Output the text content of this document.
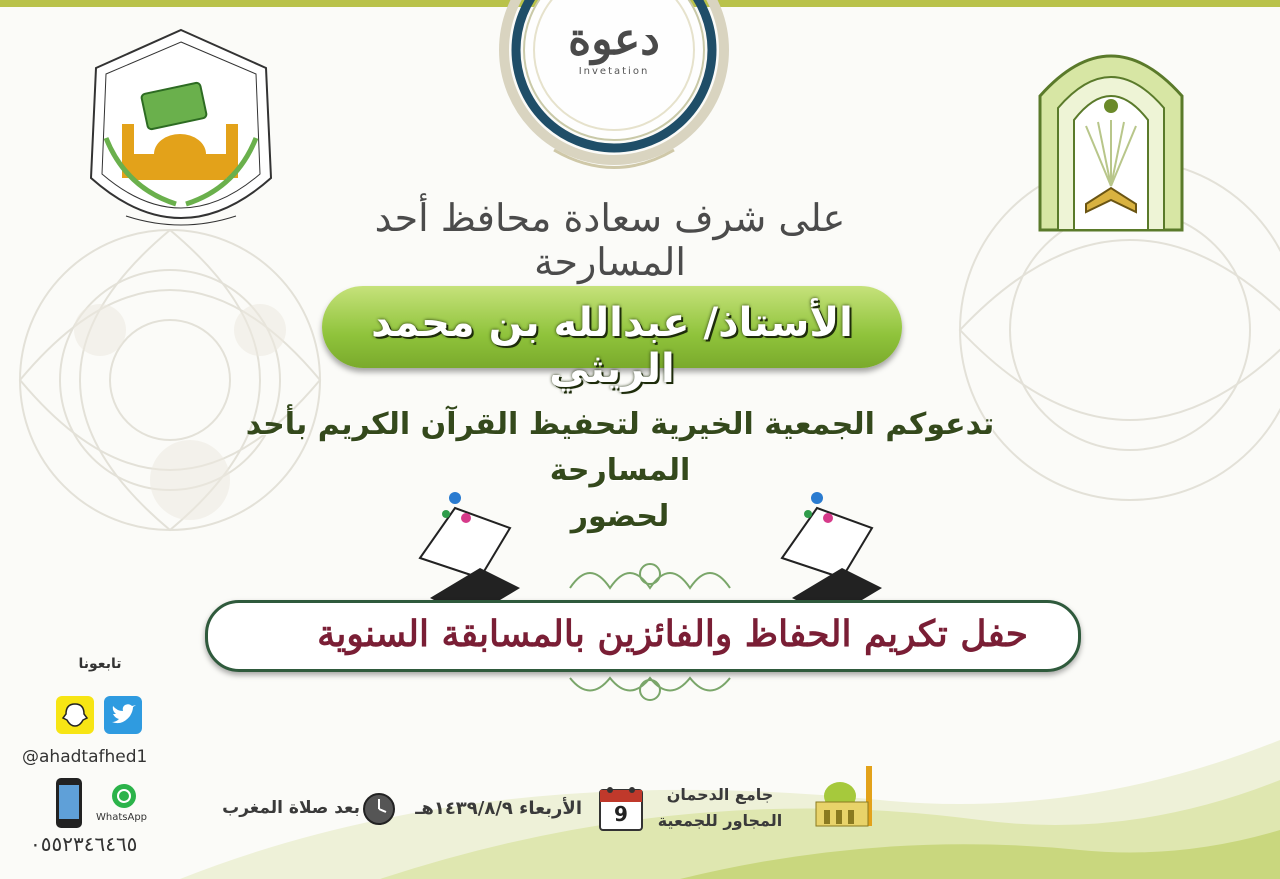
دعوة
Invetation
على شرف سعادة محافظ أحد المسارحة
الأستاذ/ عبدالله بن محمد الريثي
تدعوكم الجمعية الخيرية لتحفيظ القرآن الكريم بأحد المسارحة
لحضور
حفل تكريم الحفاظ والفائزين بالمسابقة السنوية
تابعونا
@ahadtafhed1
WhatsApp
٠٥٥٢٣٤٦٤٦٥
بعد صلاة المغرب	الأربعاء ١٤٣٩/٨/٩هـ	9
جامع الدحمان
المجاور للجمعية
